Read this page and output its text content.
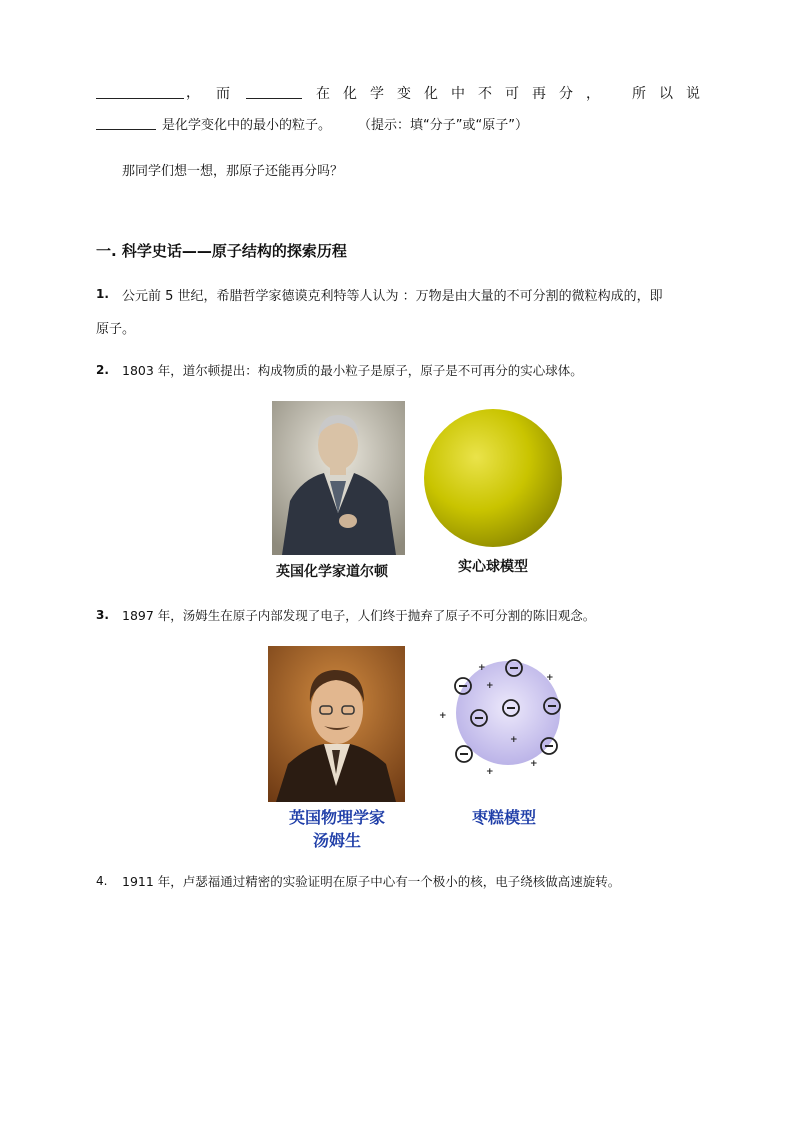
， 而	在 化 学 变 化 中 不 可 再 分 ， 所 以 说
是化学变化中的最小的粒子。 （提示：填“分子”或“原子”）
那同学们想一想，那原子还能再分吗？
一. 科学史话——原子结构的探索历程
1. 公元前 5 世纪，希腊哲学家德谟克利特等人认为 ：万物是由大量的不可分割的微粒构成的，即
原子。
2. 1803 年，道尔顿提出：构成物质的最小粒子是原子，原子是不可再分的实心球体。
英国化学家道尔顿	实心球模型
3. 1897 年，汤姆生在原子内部发现了电子，人们终于抛弃了原子不可分割的陈旧观念。
+
+
+
+
+
+
+
英国物理学家
汤姆生
枣糕模型
4. 1911 年，卢瑟福通过精密的实验证明在原子中心有一个极小的核，电子绕核做高速旋转。
